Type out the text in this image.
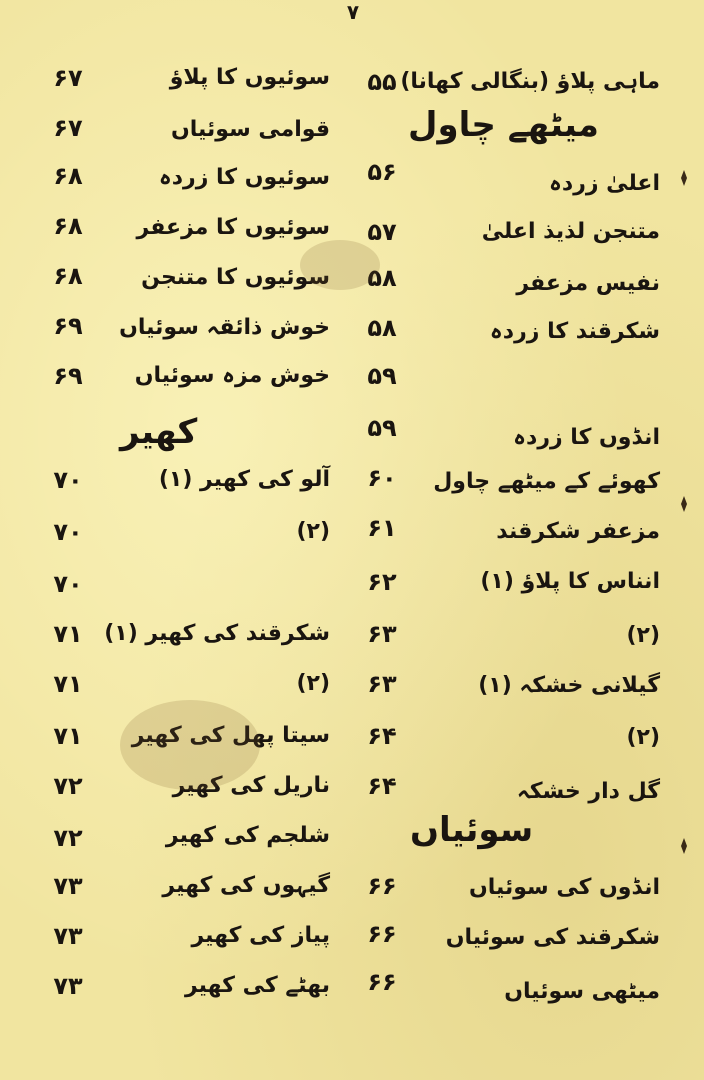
۷
میٹھے چاول
کھیر
سوئیاں
ماہی پلاؤ (بنگالی کھانا)
۵۵
اعلیٰ زردہ
۵۶
متنجن لذیذ اعلیٰ
۵۷
نفیس مزعفر
۵۸
شکرقند کا زردہ
۵۸
۵۹
انڈوں کا زردہ
۵۹
کھوئے کے میٹھے چاول
۶۰
مزعفر شکرقند
۶۱
انناس کا پلاؤ (۱)
۶۲
(۲)
۶۳
گیلانی خشکہ (۱)
۶۳
(۲)
۶۴
گل دار خشکہ
۶۴
انڈوں کی سوئیاں
۶۶
شکرقند کی سوئیاں
۶۶
میٹھی سوئیاں
۶۶
سوئیوں کا پلاؤ
۶۷
قوامی سوئیاں
۶۷
سوئیوں کا زردہ
۶۸
سوئیوں کا مزعفر
۶۸
سوئیوں کا متنجن
۶۸
خوش ذائقہ سوئیاں
۶۹
خوش مزہ سوئیاں
۶۹
آلو کی کھیر (۱)
۷۰
(۲)
۷۰
۷۰
شکرقند کی کھیر (۱)
۷۱
(۲)
۷۱
سیتا پھل کی کھیر
۷۱
ناریل کی کھیر
۷۲
شلجم کی کھیر
۷۲
گیہوں کی کھیر
۷۳
پیاز کی کھیر
۷۳
بھٹے کی کھیر
۷۳
